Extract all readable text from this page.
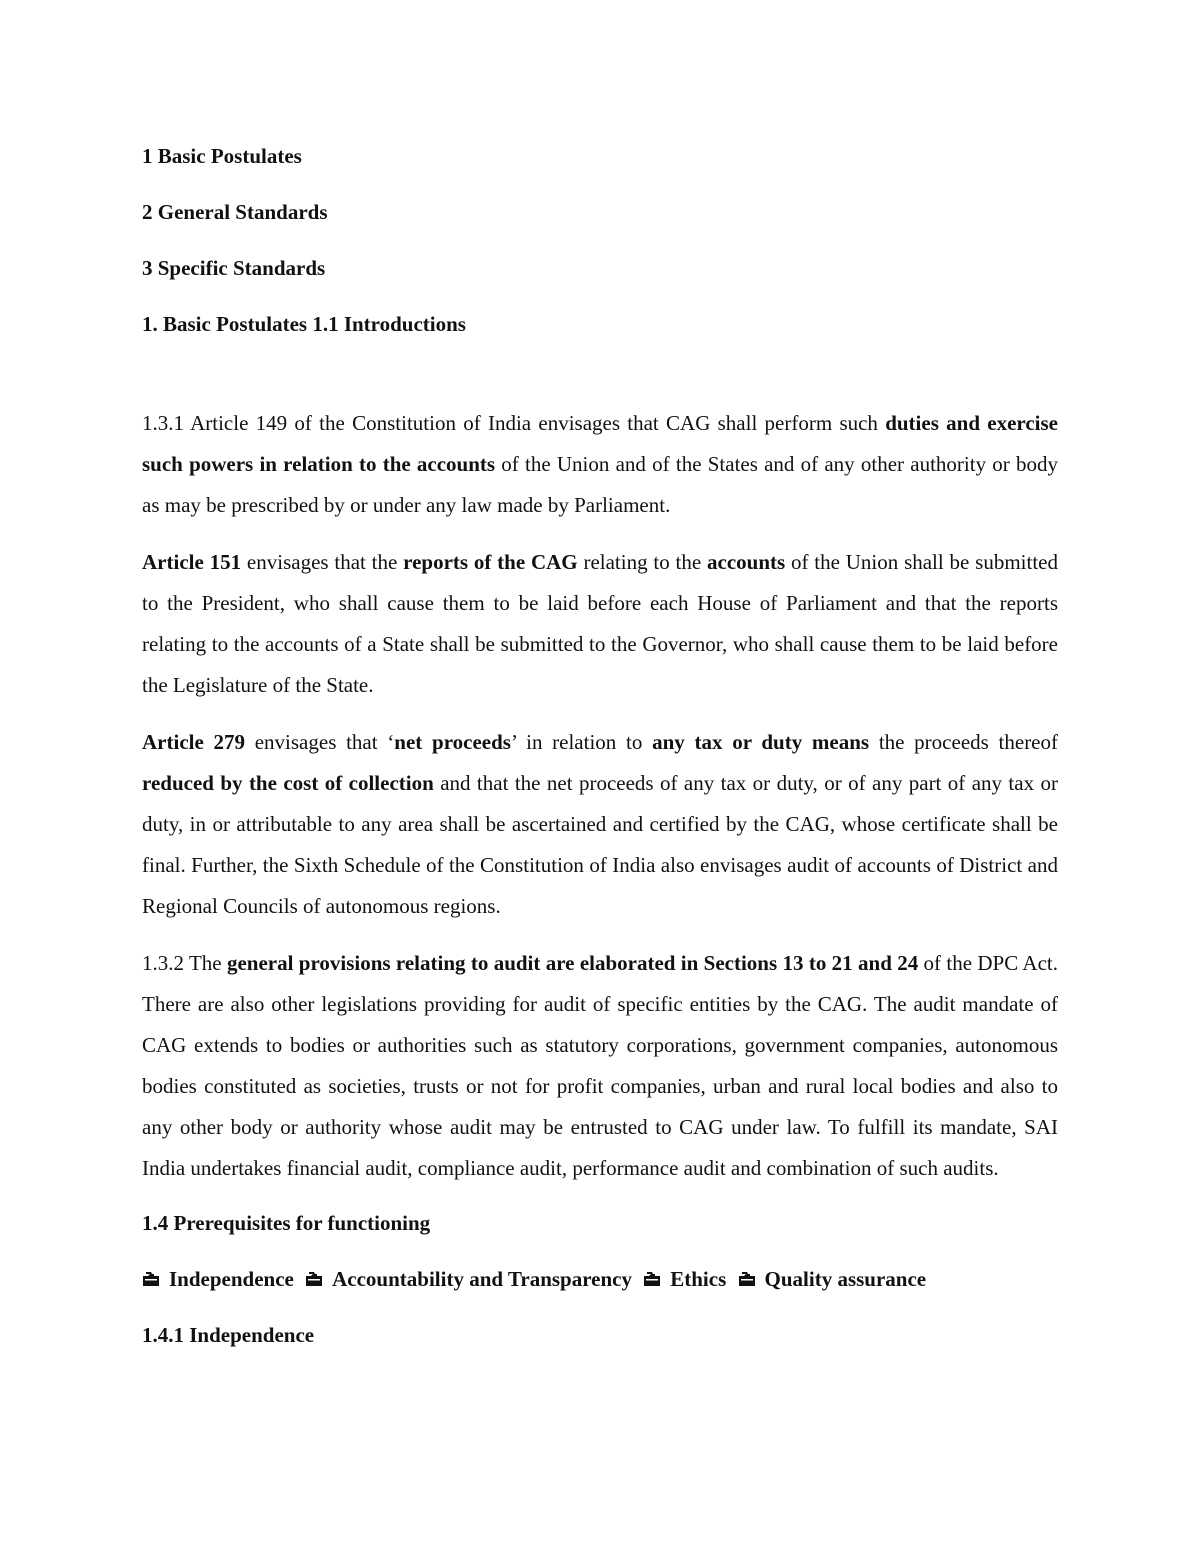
1 Basic Postulates

2 General Standards

3 Specific Standards

1. Basic Postulates 1.1 Introductions

1.3.1 Article 149 of the Constitution of India envisages that CAG shall perform such duties and exercise such powers in relation to the accounts of the Union and of the States and of any other authority or body as may be prescribed by or under any law made by Parliament.

Article 151 envisages that the reports of the CAG relating to the accounts of the Union shall be submitted to the President, who shall cause them to be laid before each House of Parliament and that the reports relating to the accounts of a State shall be submitted to the Governor, who shall cause them to be laid before the Legislature of the State.

Article 279 envisages that ‘net proceeds’ in relation to any tax or duty means the proceeds thereof reduced by the cost of collection and that the net proceeds of any tax or duty, or of any part of any tax or duty, in or attributable to any area shall be ascertained and certified by the CAG, whose certificate shall be final. Further, the Sixth Schedule of the Constitution of India also envisages audit of accounts of District and Regional Councils of autonomous regions.

1.3.2 The general provisions relating to audit are elaborated in Sections 13 to 21 and 24 of the DPC Act. There are also other legislations providing for audit of specific entities by the CAG. The audit mandate of CAG extends to bodies or authorities such as statutory corporations, government companies, autonomous bodies constituted as societies, trusts or not for profit companies, urban and rural local bodies and also to any other body or authority whose audit may be entrusted to CAG under law. To fulfill its mandate, SAI India undertakes financial audit, compliance audit, performance audit and combination of such audits.

1.4 Prerequisites for functioning

Independence Accountability and Transparency Ethics Quality assurance

1.4.1 Independence
